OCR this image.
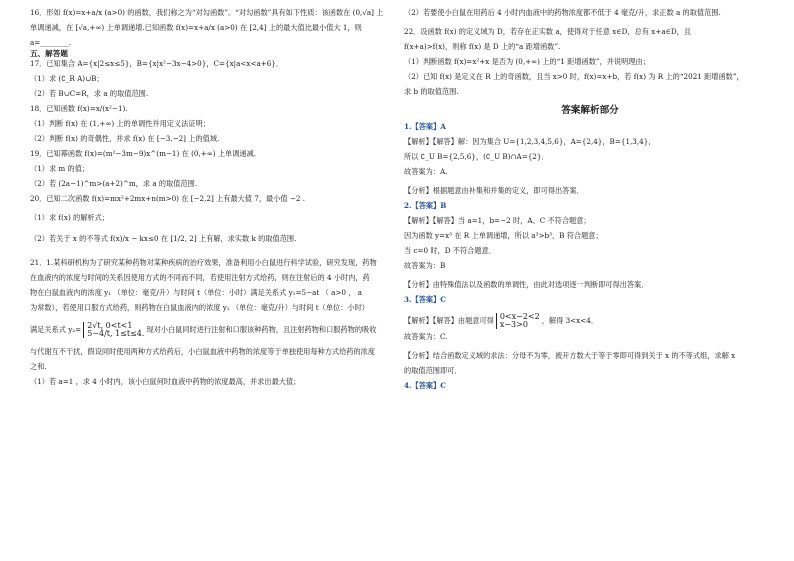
16．形如 f(x)=x+a/x (a>0) 的函数，我们称之为“对勾函数”。“对勾函数”具有如下性质：该函数在 (0,√a] 上

单调递减，在 [√a,+∞) 上单调递增.已知函数 f(x)=x+a/x (a>0) 在 [2,4] 上的最大值比最小值大 1，则

a=________.

五、解答题

17．已知集合 A={x|2≤x≤5}，B={x|x²−3x−4>0}，C={x|a<x<a+6}．

（1）求 (∁_R A)∪B；

（2）若 B∪C=R，求 a 的取值范围.

18．已知函数 f(x)=x/(x²−1).

（1）判断 f(x) 在 (1,+∞) 上的单调性并用定义法证明；

（2）判断 f(x) 的奇偶性，并求 f(x) 在 [−3,−2] 上的值域.

19．已知幂函数 f(x)=(m²−3m−9)x^(m−1) 在 (0,+∞) 上单调递减.

（1）求 m 的值；

（2）若 (2a−1)^m>(a+2)^m，求 a 的取值范围.

20．已知二次函数 f(x)=mx²+2mx+n(m>0) 在 [−2,2] 上有最大值 7，最小值 −2 .

（1）求 f(x) 的解析式；

（2）若关于 x 的不等式 f(x)/x − kx≤0 在 [1/2, 2] 上有解，求实数 k 的取值范围.

21．1.某科研机构为了研究某种药物对某种疾病的治疗效果，准备利用小白鼠进行科学试验，研究发现，药物

在血液内的浓度与时间的关系因使用方式的不同而不同，若使用注射方式给药，则在注射后的 4 小时内，药

物在白鼠血液内的浓度 y₁ （单位：毫克/升）与时间 t（单位：小时）满足关系式 y₁=5−at （ a>0 ， a

为常数），若使用口服方式给药，则药物在白鼠血液内的浓度 y₂ （单位：毫克/升）与时间 t（单位：小时）

满足关系式 y₂= 2√t, 0<t<1
5−4/t, 1≤t≤4. 现对小白鼠同时进行注射和口服该种药物，且注射药物和口服药物的吸收

与代谢互不干扰，假设同时使用两种方式给药后，小白鼠血液中药物的浓度等于单独使用每种方式给药的浓度

之和.

（1）若 a=1 ，求 4 小时内，该小白鼠何时血液中药物的浓度最高，并求出最大值；

（2）若要使小白鼠在用药后 4 小时内血液中的药物浓度都不低于 4 毫克/升，求正数 a 的取值范围.

22．设函数 f(x) 的定义域为 D，若存在正实数 a，使得对于任意 x∈D，总有 x+a∈D，且

f(x+a)>f(x)，则称 f(x) 是 D 上的“a 距增函数”.

（1）判断函数 f(x)=x²+x 是否为 (0,+∞) 上的“1 距增函数”，并说明理由；

（2）已知 f(x) 是定义在 R 上的奇函数，且当 x>0 时，f(x)=x+b，若 f(x) 为 R 上的“2021 距增函数”，

求 b 的取值范围.

答案解析部分

1.【答案】A

【解析】【解答】解：因为集合 U={1,2,3,4,5,6}，A={2,4}，B={1,3,4}，

所以 ∁_U B={2,5,6}，(∁_U B)∩A={2}．

故答案为：A.

【分析】根据题意由补集和并集的定义，即可得出答案．

2.【答案】B

【解析】【解答】当 a=1，b=−2 时，A、C 不符合题意；

因为函数 y=x³ 在 R 上单调递增，所以 a³>b³，B 符合题意；

当 c=0 时，D 不符合题意．

故答案为：B

【分析】由特殊值法以及函数的单调性，由此对选项逐一判断即可得出答案．

3.【答案】C

【解析】【解答】由题意可得 0<x−2<2
x−3>0	，解得 3<x<4．

故答案为：C.

【分析】结合函数定义域的求法：分母不为零，被开方数大于等于零即可得到关于 x 的不等式组，求解 x

的取值范围即可．

4.【答案】C
